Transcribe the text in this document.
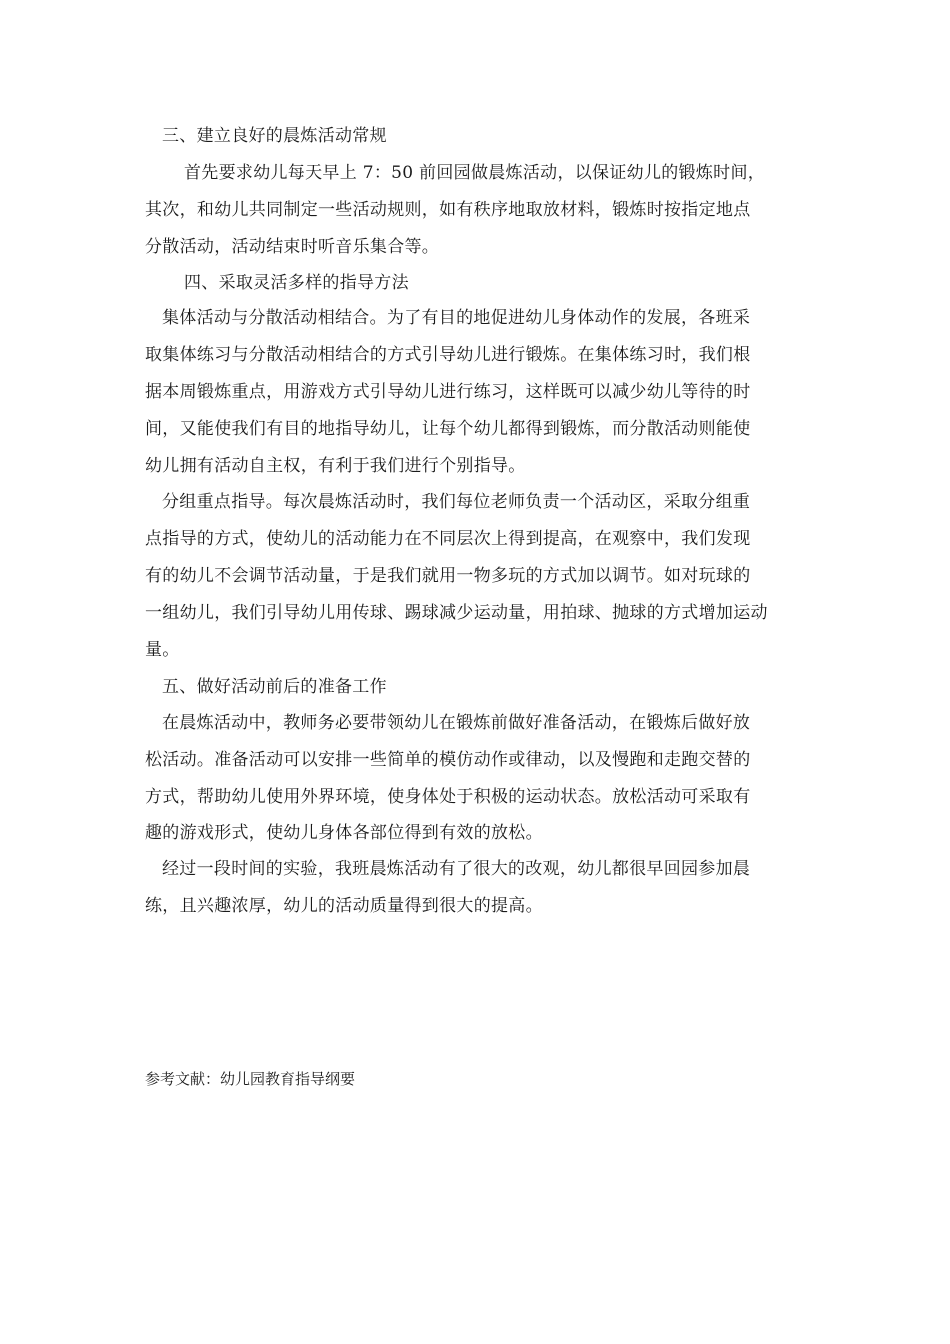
三、建立良好的晨炼活动常规
首先要求幼儿每天早上 7：50 前回园做晨炼活动，以保证幼儿的锻炼时间，
其次，和幼儿共同制定一些活动规则，如有秩序地取放材料，锻炼时按指定地点
分散活动，活动结束时听音乐集合等。
四、采取灵活多样的指导方法
集体活动与分散活动相结合。为了有目的地促进幼儿身体动作的发展，各班采
取集体练习与分散活动相结合的方式引导幼儿进行锻炼。在集体练习时，我们根
据本周锻炼重点，用游戏方式引导幼儿进行练习，这样既可以减少幼儿等待的时
间，又能使我们有目的地指导幼儿，让每个幼儿都得到锻炼，而分散活动则能使
幼儿拥有活动自主权，有利于我们进行个别指导。
分组重点指导。每次晨炼活动时，我们每位老师负责一个活动区，采取分组重
点指导的方式，使幼儿的活动能力在不同层次上得到提高，在观察中，我们发现
有的幼儿不会调节活动量，于是我们就用一物多玩的方式加以调节。如对玩球的
一组幼儿，我们引导幼儿用传球、踢球减少运动量，用拍球、抛球的方式增加运动
量。
五、做好活动前后的准备工作
在晨炼活动中，教师务必要带领幼儿在锻炼前做好准备活动，在锻炼后做好放
松活动。准备活动可以安排一些简单的模仿动作或律动，以及慢跑和走跑交替的
方式，帮助幼儿使用外界环境，使身体处于积极的运动状态。放松活动可采取有
趣的游戏形式，使幼儿身体各部位得到有效的放松。
经过一段时间的实验，我班晨炼活动有了很大的改观，幼儿都很早回园参加晨
练，且兴趣浓厚，幼儿的活动质量得到很大的提高。
参考文献：幼儿园教育指导纲要
